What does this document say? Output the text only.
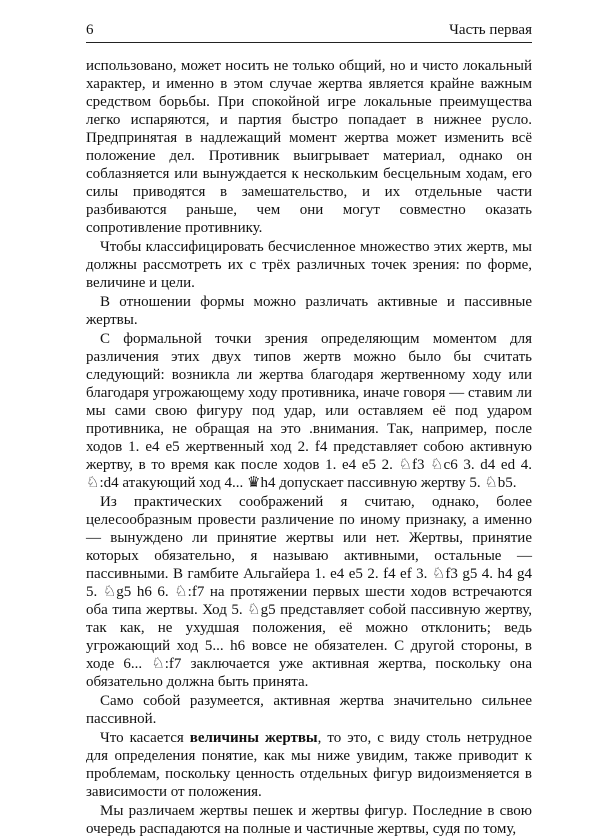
6	Часть первая

использовано, может носить не только общий, но и чисто локальный характер, и именно в этом случае жертва является крайне важным средством борьбы. При спокойной игре локальные преимущества легко испаряются, и партия быстро попадает в нижнее русло. Предпринятая в надлежащий момент жертва может изменить всё положение дел. Противник выигрывает материал, однако он соблазняется или вынуждается к нескольким бесцельным ходам, его силы приводятся в замешательство, и их отдельные части разбиваются раньше, чем они могут совместно оказать сопротивление противнику.

Чтобы классифицировать бесчисленное множество этих жертв, мы должны рассмотреть их с трёх различных точек зрения: по форме, величине и цели.

В отношении формы можно различать активные и пассивные жертвы.

С формальной точки зрения определяющим моментом для различения этих двух типов жертв можно было бы считать следующий: возникла ли жертва благодаря жертвенному ходу или благодаря угрожающему ходу противника, иначе говоря — ставим ли мы сами свою фигуру под удар, или оставляем её под ударом противника, не обращая на это .внимания. Так, например, после ходов 1. e4 e5 жертвенный ход 2. f4 представляет собою активную жертву, в то время как после ходов 1. e4 e5 2. ♘f3 ♘c6 3. d4 ed 4. ♘:d4 атакующий ход 4... ♛h4 допускает пассивную жертву 5. ♘b5.

Из практических соображений я считаю, однако, более целесообразным провести различение по иному признаку, а именно — вынуждено ли принятие жертвы или нет. Жертвы, принятие которых обязательно, я называю активными, остальные — пассивными. В гамбите Альгайера 1. e4 e5 2. f4 ef 3. ♘f3 g5 4. h4 g4 5. ♘g5 h6 6. ♘:f7 на протяжении первых шести ходов встречаются оба типа жертвы. Ход 5. ♘g5 представляет собой пассивную жертву, так как, не ухудшая положения, её можно отклонить; ведь угрожающий ход 5... h6 вовсе не обязателен. С другой стороны, в ходе 6... ♘:f7 заключается уже активная жертва, поскольку она обязательно должна быть принята.

Само собой разумеется, активная жертва значительно сильнее пассивной.

Что касается величины жертвы, то это, с виду столь нетрудное для определения понятие, как мы ниже увидим, также приводит к проблемам, поскольку ценность отдельных фигур видоизменяется в зависимости от положения.

Мы различаем жертвы пешек и жертвы фигур. Последние в свою очередь распадаются на полные и частичные жертвы, судя по тому,
